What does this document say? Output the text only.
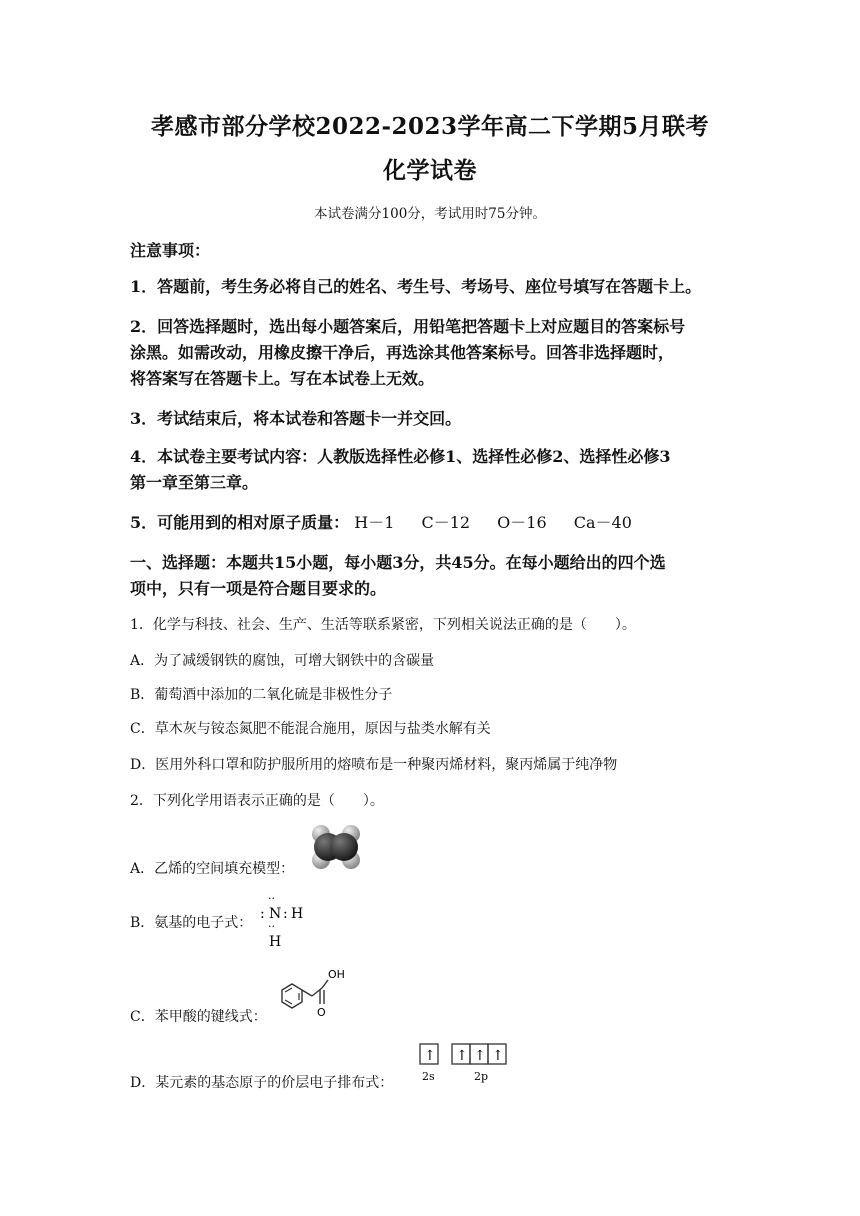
孝感市部分学校2022-2023学年高二下学期5月联考
化学试卷
本试卷满分100分，考试用时75分钟。
注意事项：
1．答题前，考生务必将自己的姓名、考生号、考场号、座位号填写在答题卡上。
2．回答选择题时，选出每小题答案后，用铅笔把答题卡上对应题目的答案标号
涂黑。如需改动，用橡皮擦干净后，再选涂其他答案标号。回答非选择题时，
将答案写在答题卡上。写在本试卷上无效。
3．考试结束后，将本试卷和答题卡一并交回。
4．本试卷主要考试内容：人教版选择性必修1、选择性必修2、选择性必修3
第一章至第三章。
5．可能用到的相对原子质量： H－1 C－12 O－16 Ca－40
一、选择题：本题共15小题，每小题3分，共45分。在每小题给出的四个选
项中，只有一项是符合题目要求的。
1．化学与科技、社会、生产、生活等联系紧密，下列相关说法正确的是（　　）。
A．为了减缓钢铁的腐蚀，可增大钢铁中的含碳量
B．葡萄酒中添加的二氧化硫是非极性分子
C．草木灰与铵态氮肥不能混合施用，原因与盐类水解有关
D．医用外科口罩和防护服所用的熔喷布是一种聚丙烯材料，聚丙烯属于纯净物
2．下列化学用语表示正确的是（　　）。
A．乙烯的空间填充模型：
B．氨基的电子式：
··
: N : H
··
H
C．苯甲酸的键线式：
OH
O
D．某元素的基态原子的价层电子排布式：
↑ ↑ ↑ ↑
2s	2p
